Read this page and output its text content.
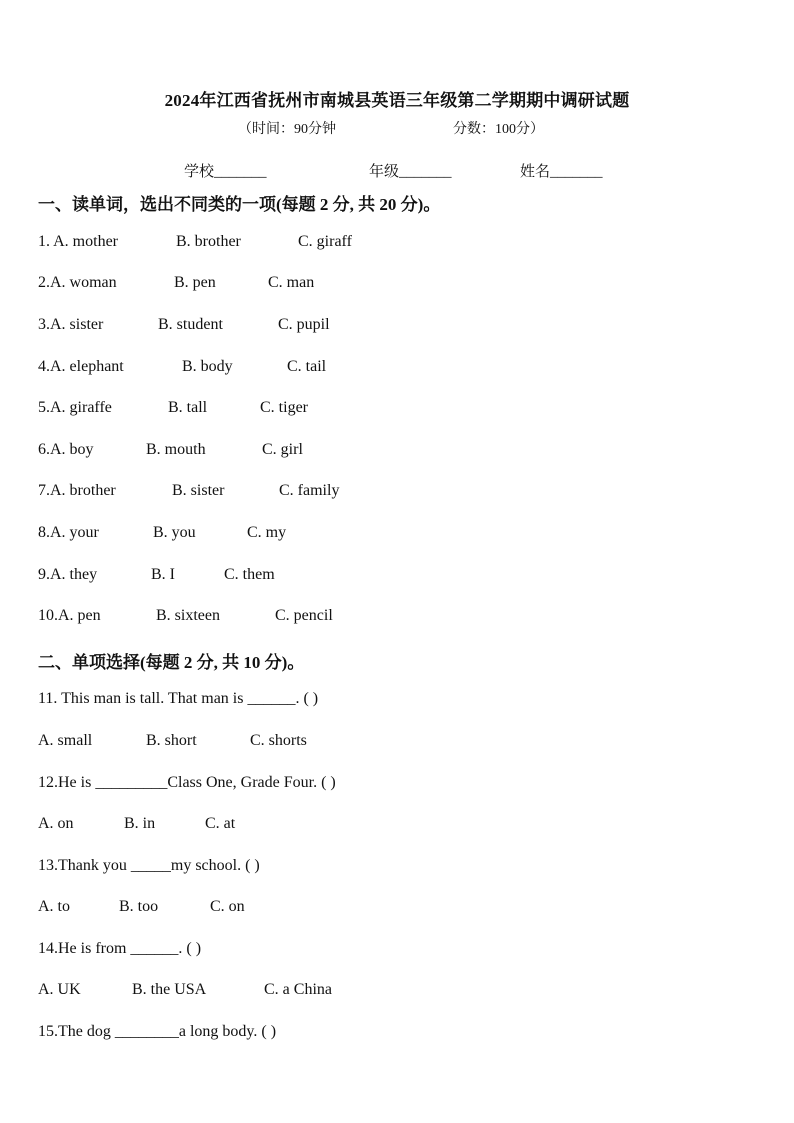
2024年江西省抚州市南城县英语三年级第二学期期中调研试题
（时间：90分钟	分数：100分）
学校_______	年级_______	姓名_______
一、读单词，选出不同类的一项(每题 2 分, 共 20 分)。
1. A. mother	B. brother	C. giraff
2.A. woman	B. pen	C. man
3.A. sister	B. student	C. pupil
4.A. elephant	B. body	C. tail
5.A. giraffe	B. tall	C. tiger
6.A. boy	B. mouth	C. girl
7.A. brother	B. sister	C. family
8.A. your	B. you	C. my
9.A. they	B. I	C. them
10.A. pen	B. sixteen	C. pencil
二、单项选择(每题 2 分, 共 10 分)。
11. This man is tall. That man is ______. ( )
A. small	B. short	C. shorts
12.He is _________Class One, Grade Four. ( )
A. on	B. in	C. at
13.Thank you _____my school. ( )
A. to	B. too	C. on
14.He is from ______. ( )
A. UK	B. the USA	C. a China
15.The dog ________a long body. ( )
